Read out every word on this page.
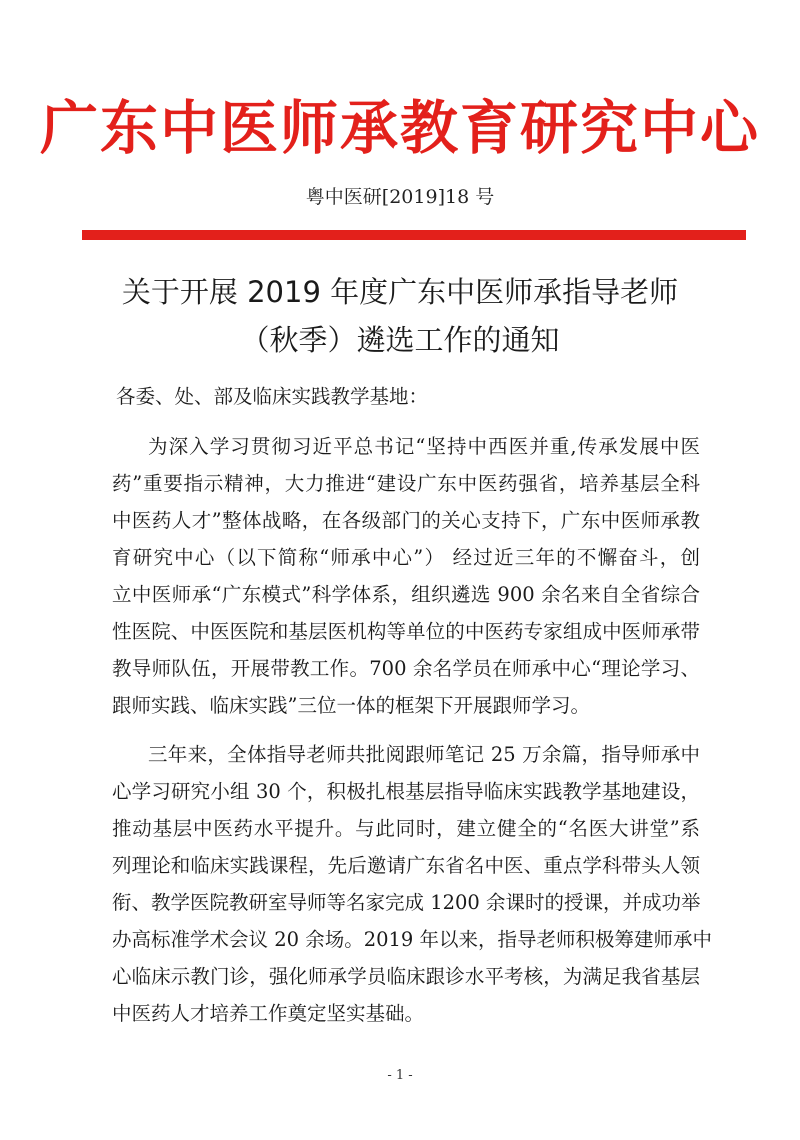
广东中医师承教育研究中心
粤中医研[2019]18 号
关于开展 2019 年度广东中医师承指导老师
（秋季）遴选工作的通知
各委、处、部及临床实践教学基地：
为深入学习贯彻习近平总书记“坚持中西医并重,传承发展中医
药”重要指示精神，大力推进“建设广东中医药强省，培养基层全科
中医药人才”整体战略，在各级部门的关心支持下，广东中医师承教
育研究中心（以下简称“师承中心”） 经过近三年的不懈奋斗，创
立中医师承“广东模式”科学体系，组织遴选 900 余名来自全省综合
性医院、中医医院和基层医机构等单位的中医药专家组成中医师承带
教导师队伍，开展带教工作。700 余名学员在师承中心“理论学习、
跟师实践、临床实践”三位一体的框架下开展跟师学习。
三年来，全体指导老师共批阅跟师笔记 25 万余篇，指导师承中
心学习研究小组 30 个，积极扎根基层指导临床实践教学基地建设，
推动基层中医药水平提升。与此同时，建立健全的“名医大讲堂”系
列理论和临床实践课程，先后邀请广东省名中医、重点学科带头人领
衔、教学医院教研室导师等名家完成 1200 余课时的授课，并成功举
办高标准学术会议 20 余场。2019 年以来，指导老师积极筹建师承中
心临床示教门诊，强化师承学员临床跟诊水平考核，为满足我省基层
中医药人才培养工作奠定坚实基础。
- 1 -
